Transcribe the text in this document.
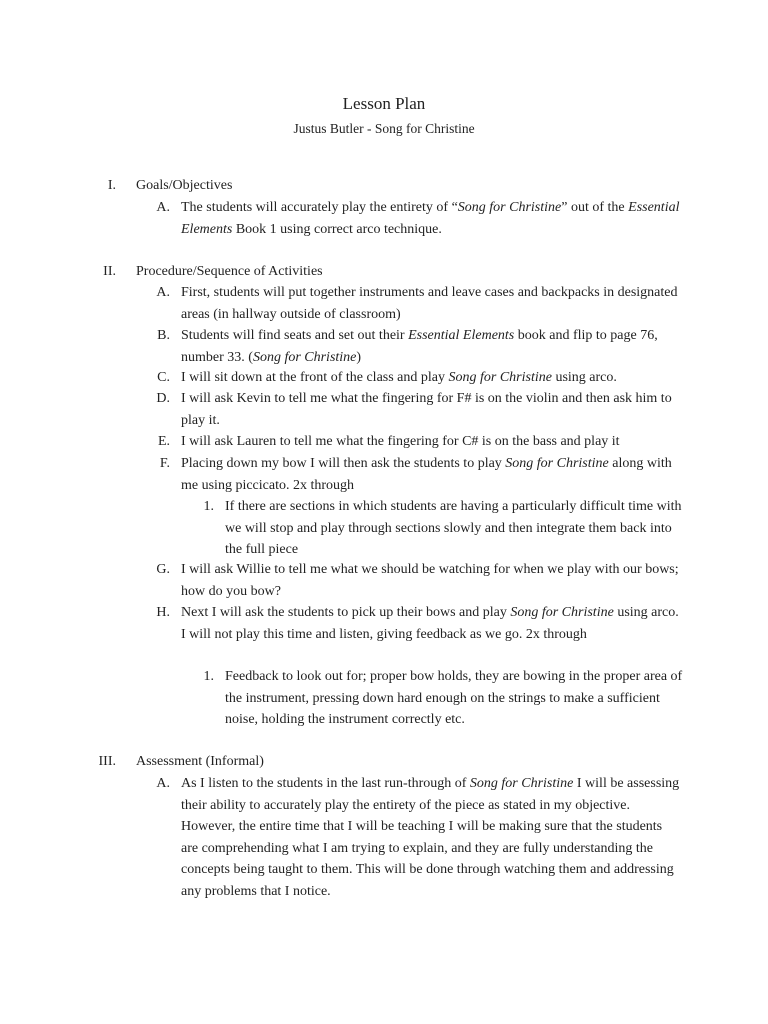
Lesson Plan
Justus Butler - Song for Christine
I. Goals/Objectives
A. The students will accurately play the entirety of “Song for Christine” out of the Essential Elements Book 1 using correct arco technique.
II. Procedure/Sequence of Activities
A. First, students will put together instruments and leave cases and backpacks in designated areas (in hallway outside of classroom)
B. Students will find seats and set out their Essential Elements book and flip to page 76, number 33. (Song for Christine)
C. I will sit down at the front of the class and play Song for Christine using arco.
D. I will ask Kevin to tell me what the fingering for F# is on the violin and then ask him to play it.
E. I will ask Lauren to tell me what the fingering for C# is on the bass and play it
F. Placing down my bow I will then ask the students to play Song for Christine along with me using piccicato. 2x through
1. If there are sections in which students are having a particularly difficult time with we will stop and play through sections slowly and then integrate them back into the full piece
G. I will ask Willie to tell me what we should be watching for when we play with our bows; how do you bow?
H. Next I will ask the students to pick up their bows and play Song for Christine using arco. I will not play this time and listen, giving feedback as we go. 2x through
1. Feedback to look out for; proper bow holds, they are bowing in the proper area of the instrument, pressing down hard enough on the strings to make a sufficient noise, holding the instrument correctly etc.
III. Assessment (Informal)
A. As I listen to the students in the last run-through of Song for Christine I will be assessing their ability to accurately play the entirety of the piece as stated in my objective. However, the entire time that I will be teaching I will be making sure that the students are comprehending what I am trying to explain, and they are fully understanding the concepts being taught to them. This will be done through watching them and addressing any problems that I notice.
